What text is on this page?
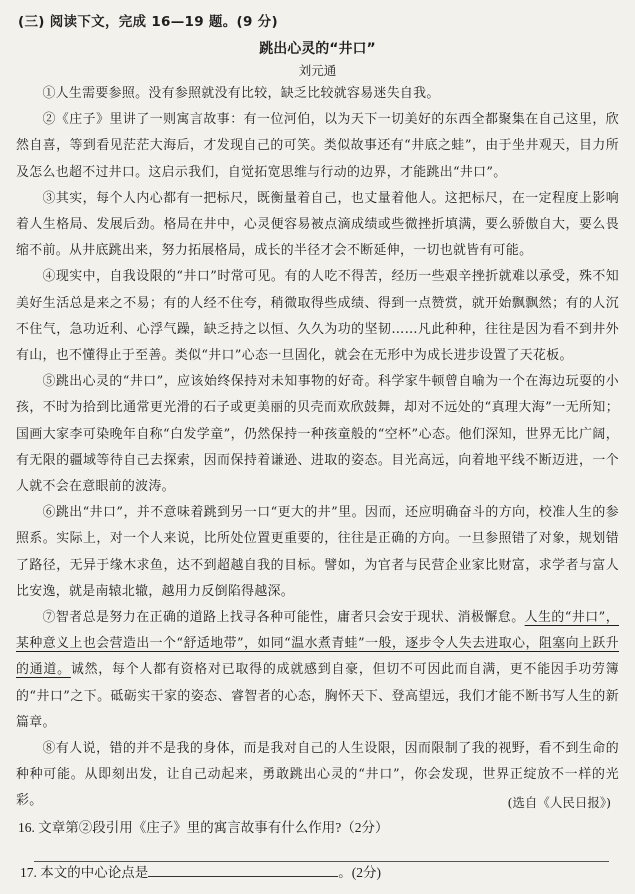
(三) 阅读下文，完成 16—19 题。(9 分)
跳出心灵的“井口”
刘元通

①人生需要参照。没有参照就没有比较，缺乏比较就容易迷失自我。

②《庄子》里讲了一则寓言故事：有一位河伯，以为天下一切美好的东西全都聚集在自己这里，欣然自喜，等到看见茫茫大海后，才发现自己的可笑。类似故事还有“井底之蛙”，由于坐井观天，目力所及怎么也超不过井口。这启示我们，自觉拓宽思维与行动的边界，才能跳出“井口”。

③其实，每个人内心都有一把标尺，既衡量着自己，也丈量着他人。这把标尺，在一定程度上影响着人生格局、发展后劲。格局在井中，心灵便容易被点滴成绩或些微挫折填满，要么骄傲自大，要么畏缩不前。从井底跳出来，努力拓展格局，成长的半径才会不断延伸，一切也就皆有可能。

④现实中，自我设限的“井口”时常可见。有的人吃不得苦，经历一些艰辛挫折就难以承受，殊不知美好生活总是来之不易；有的人经不住夸，稍微取得些成绩、得到一点赞赏，就开始飘飘然；有的人沉不住气，急功近利、心浮气躁，缺乏持之以恒、久久为功的坚韧……凡此种种，往往是因为看不到井外有山，也不懂得止于至善。类似“井口”心态一旦固化，就会在无形中为成长进步设置了天花板。

⑤跳出心灵的“井口”，应该始终保持对未知事物的好奇。科学家牛顿曾自喻为一个在海边玩耍的小孩，不时为拾到比通常更光滑的石子或更美丽的贝壳而欢欣鼓舞，却对不远处的“真理大海”一无所知；国画大家李可染晚年自称“白发学童”，仍然保持一种孩童般的“空杯”心态。他们深知，世界无比广阔，有无限的疆域等待自己去探索，因而保持着谦逊、进取的姿态。目光高远，向着地平线不断迈进，一个人就不会在意眼前的波涛。

⑥跳出“井口”，并不意味着跳到另一口“更大的井”里。因而，还应明确奋斗的方向，校准人生的参照系。实际上，对一个人来说，比所处位置更重要的，往往是正确的方向。一旦参照错了对象，规划错了路径，无异于缘木求鱼，达不到超越自我的目标。譬如，为官者与民营企业家比财富，求学者与富人比安逸，就是南辕北辙，越用力反倒陷得越深。

⑦智者总是努力在正确的道路上找寻各种可能性，庸者只会安于现状、消极懈怠。人生的“井口”，某种意义上也会营造出一个“舒适地带”，如同“温水煮青蛙”一般，逐步令人失去进取心，阻塞向上跃升的通道。诚然，每个人都有资格对已取得的成就感到自豪，但切不可因此而自满，更不能因手功劳簿的“井口”之下。砥砺实干家的姿态、睿智者的心态，胸怀天下、登高望远，我们才能不断书写人生的新篇章。

⑧有人说，错的并不是我的身体，而是我对自己的人生设限，因而限制了我的视野，看不到生命的种种可能。从即刻出发，让自己动起来，勇敢跳出心灵的“井口”，你会发现，世界正绽放不一样的光彩。	(选自《人民日报》)
16. 文章第②段引用《庄子》里的寓言故事有什么作用?（2分）
17. 本文的中心论点是	。(2分)
